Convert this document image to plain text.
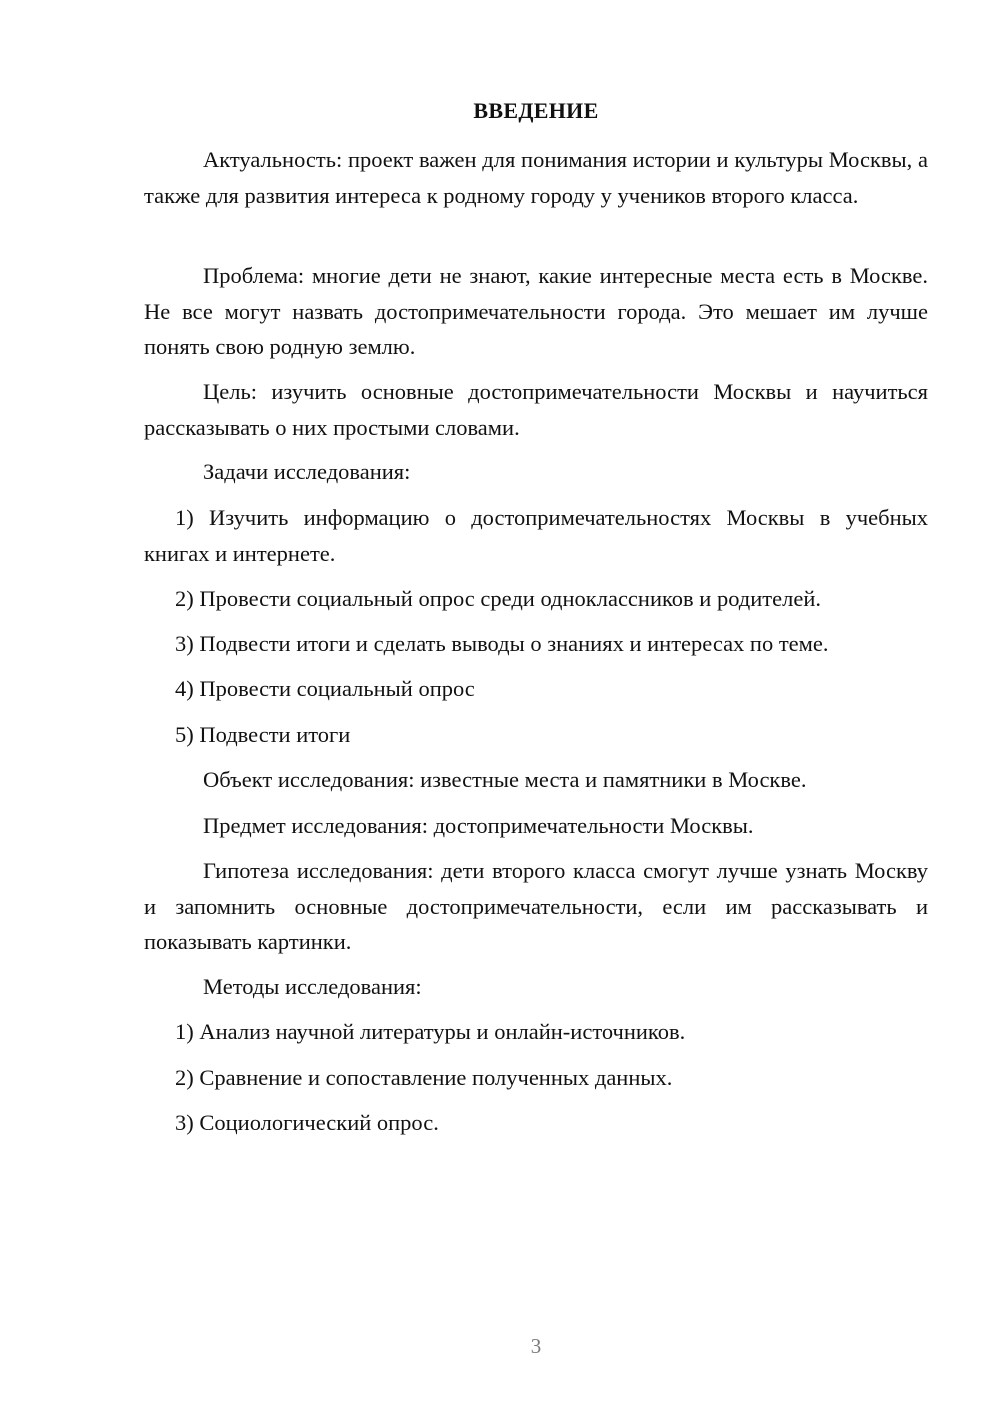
ВВЕДЕНИЕ

Актуальность: проект важен для понимания истории и культуры Москвы, а также для развития интереса к родному городу у учеников второго класса.

Проблема: многие дети не знают, какие интересные места есть в Москве. Не все могут назвать достопримечательности города. Это мешает им лучше понять свою родную землю.

Цель: изучить основные достопримечательности Москвы и научиться рассказывать о них простыми словами.

Задачи исследования:

1) Изучить информацию о достопримечательностях Москвы в учебных книгах и интернете.

2) Провести социальный опрос среди одноклассников и родителей.

3) Подвести итоги и сделать выводы о знаниях и интересах по теме.

4) Провести социальный опрос

5) Подвести итоги

Объект исследования: известные места и памятники в Москве.

Предмет исследования: достопримечательности Москвы.

Гипотеза исследования: дети второго класса смогут лучше узнать Москву и запомнить основные достопримечательности, если им рассказывать и показывать картинки.

Методы исследования:

1) Анализ научной литературы и онлайн-источников.

2) Сравнение и сопоставление полученных данных.

3) Социологический опрос.

3
